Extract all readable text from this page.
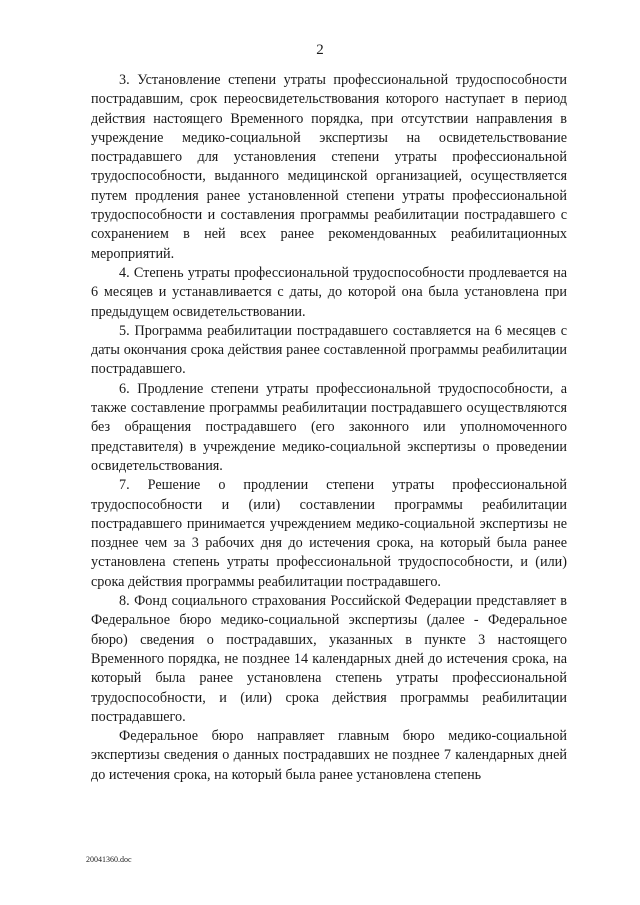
2

3. Установление степени утраты профессиональной трудоспособности пострадавшим, срок переосвидетельствования которого наступает в период действия настоящего Временного порядка, при отсутствии направления в учреждение медико-социальной экспертизы на освидетельствование пострадавшего для установления степени утраты профессиональной трудоспособности, выданного медицинской организацией, осуществляется путем продления ранее установленной степени утраты профессиональной трудоспособности и составления программы реабилитации пострадавшего с сохранением в ней всех ранее рекомендованных реабилитационных мероприятий.

4. Степень утраты профессиональной трудоспособности продлевается на 6 месяцев и устанавливается с даты, до которой она была установлена при предыдущем освидетельствовании.

5. Программа реабилитации пострадавшего составляется на 6 месяцев с даты окончания срока действия ранее составленной программы реабилитации пострадавшего.

6. Продление степени утраты профессиональной трудоспособности, а также составление программы реабилитации пострадавшего осуществляются без обращения пострадавшего (его законного или уполномоченного представителя) в учреждение медико-социальной экспертизы о проведении освидетельствования.

7. Решение о продлении степени утраты профессиональной трудоспособности и (или) составлении программы реабилитации пострадавшего принимается учреждением медико-социальной экспертизы не позднее чем за 3 рабочих дня до истечения срока, на который была ранее установлена степень утраты профессиональной трудоспособности, и (или) срока действия программы реабилитации пострадавшего.

8. Фонд социального страхования Российской Федерации представляет в Федеральное бюро медико-социальной экспертизы (далее - Федеральное бюро) сведения о пострадавших, указанных в пункте 3 настоящего Временного порядка, не позднее 14 календарных дней до истечения срока, на который была ранее установлена степень утраты профессиональной трудоспособности, и (или) срока действия программы реабилитации пострадавшего.

Федеральное бюро направляет главным бюро медико-социальной экспертизы сведения о данных пострадавших не позднее 7 календарных дней до истечения срока, на который была ранее установлена степень

20041360.doc
